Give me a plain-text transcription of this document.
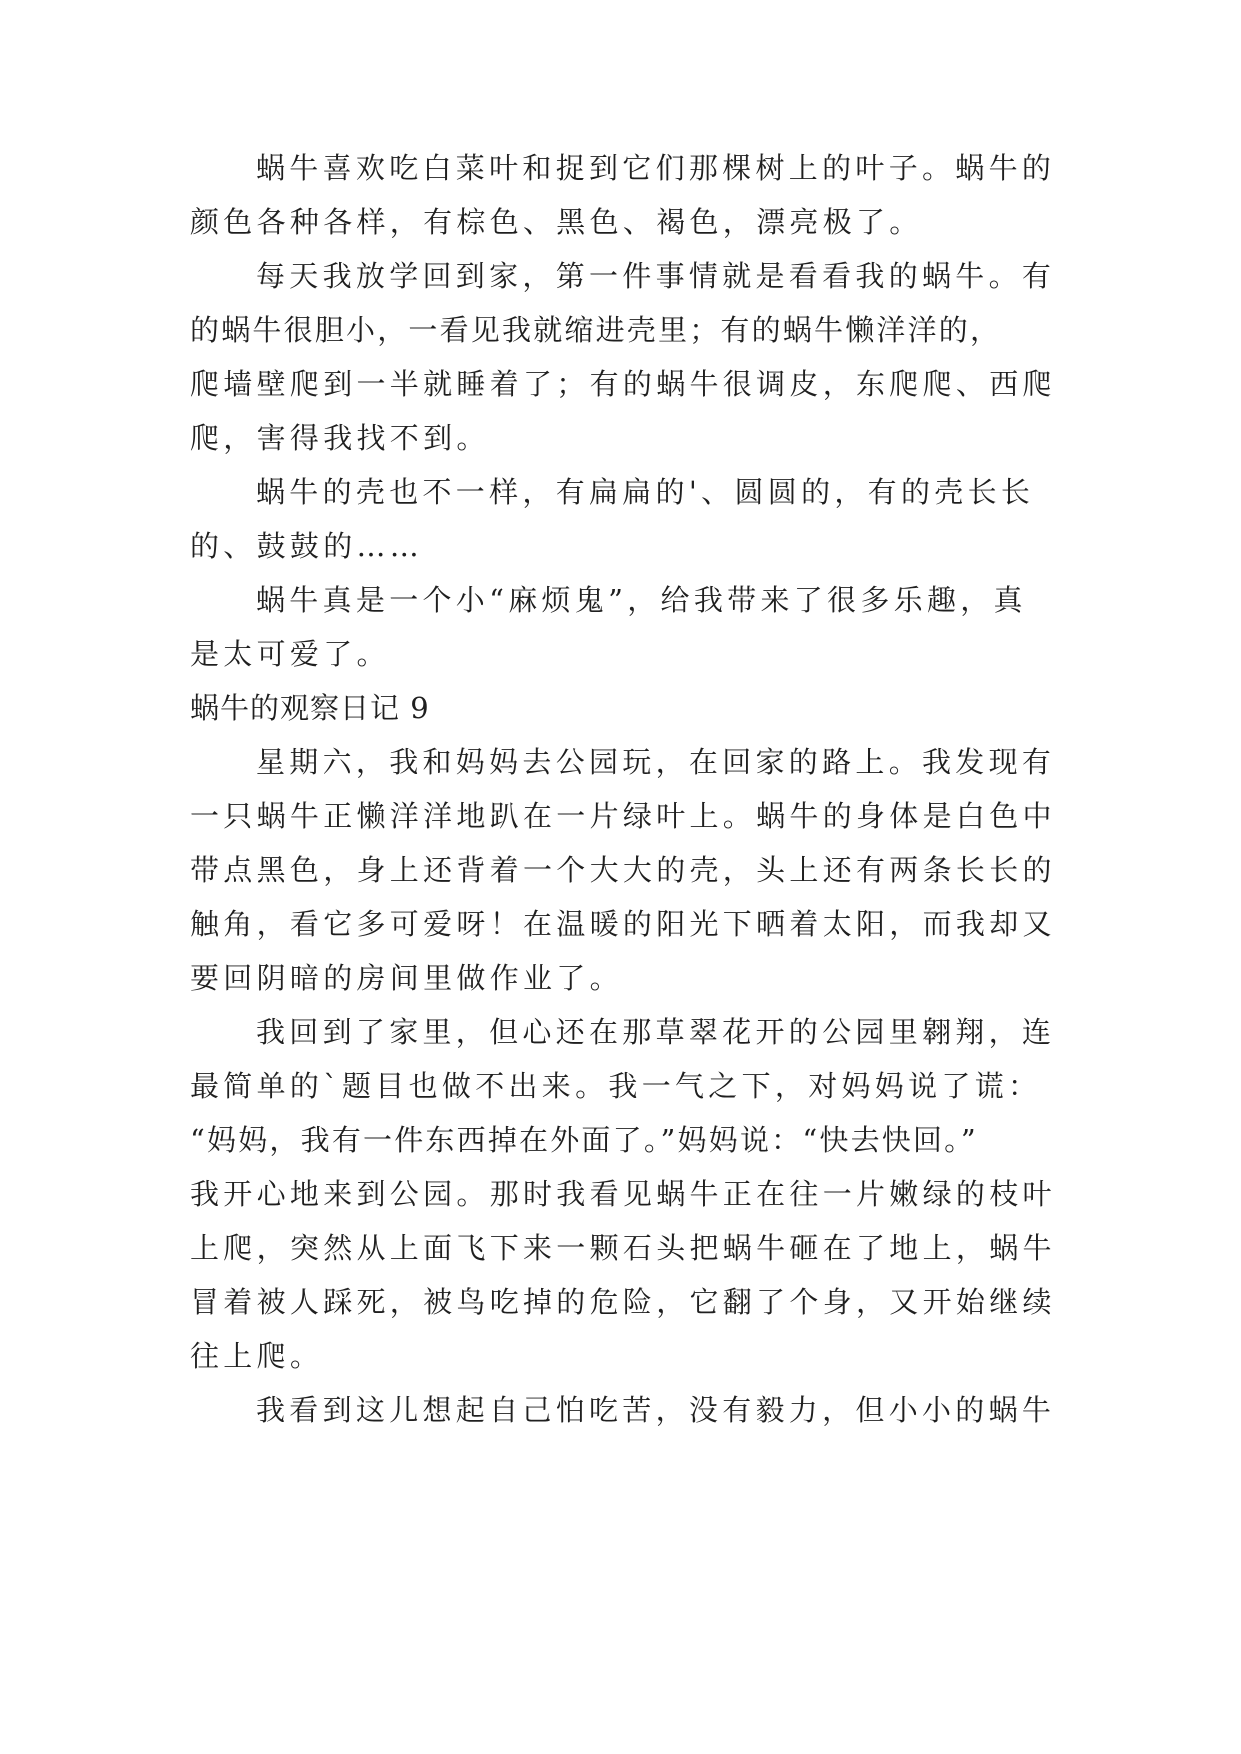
蜗牛喜欢吃白菜叶和捉到它们那棵树上的叶子。蜗牛的

颜色各种各样，有棕色、黑色、褐色，漂亮极了。

每天我放学回到家，第一件事情就是看看我的蜗牛。有

的蜗牛很胆小，一看见我就缩进壳里；有的蜗牛懒洋洋的，

爬墙壁爬到一半就睡着了；有的蜗牛很调皮，东爬爬、西爬

爬，害得我找不到。

蜗牛的壳也不一样，有扁扁的'、圆圆的，有的壳长长

的、鼓鼓的……

蜗牛真是一个小“麻烦鬼”，给我带来了很多乐趣，真

是太可爱了。

蜗牛的观察日记 9

星期六，我和妈妈去公园玩，在回家的路上。我发现有

一只蜗牛正懒洋洋地趴在一片绿叶上。蜗牛的身体是白色中

带点黑色，身上还背着一个大大的壳，头上还有两条长长的

触角，看它多可爱呀！在温暖的阳光下晒着太阳，而我却又

要回阴暗的房间里做作业了。

我回到了家里，但心还在那草翠花开的公园里翱翔，连

最简单的`题目也做不出来。我一气之下，对妈妈说了谎：

“妈妈，我有一件东西掉在外面了。”妈妈说：“快去快回。”

我开心地来到公园。那时我看见蜗牛正在往一片嫩绿的枝叶

上爬，突然从上面飞下来一颗石头把蜗牛砸在了地上，蜗牛

冒着被人踩死，被鸟吃掉的危险，它翻了个身，又开始继续

往上爬。

我看到这儿想起自己怕吃苦，没有毅力，但小小的蜗牛
